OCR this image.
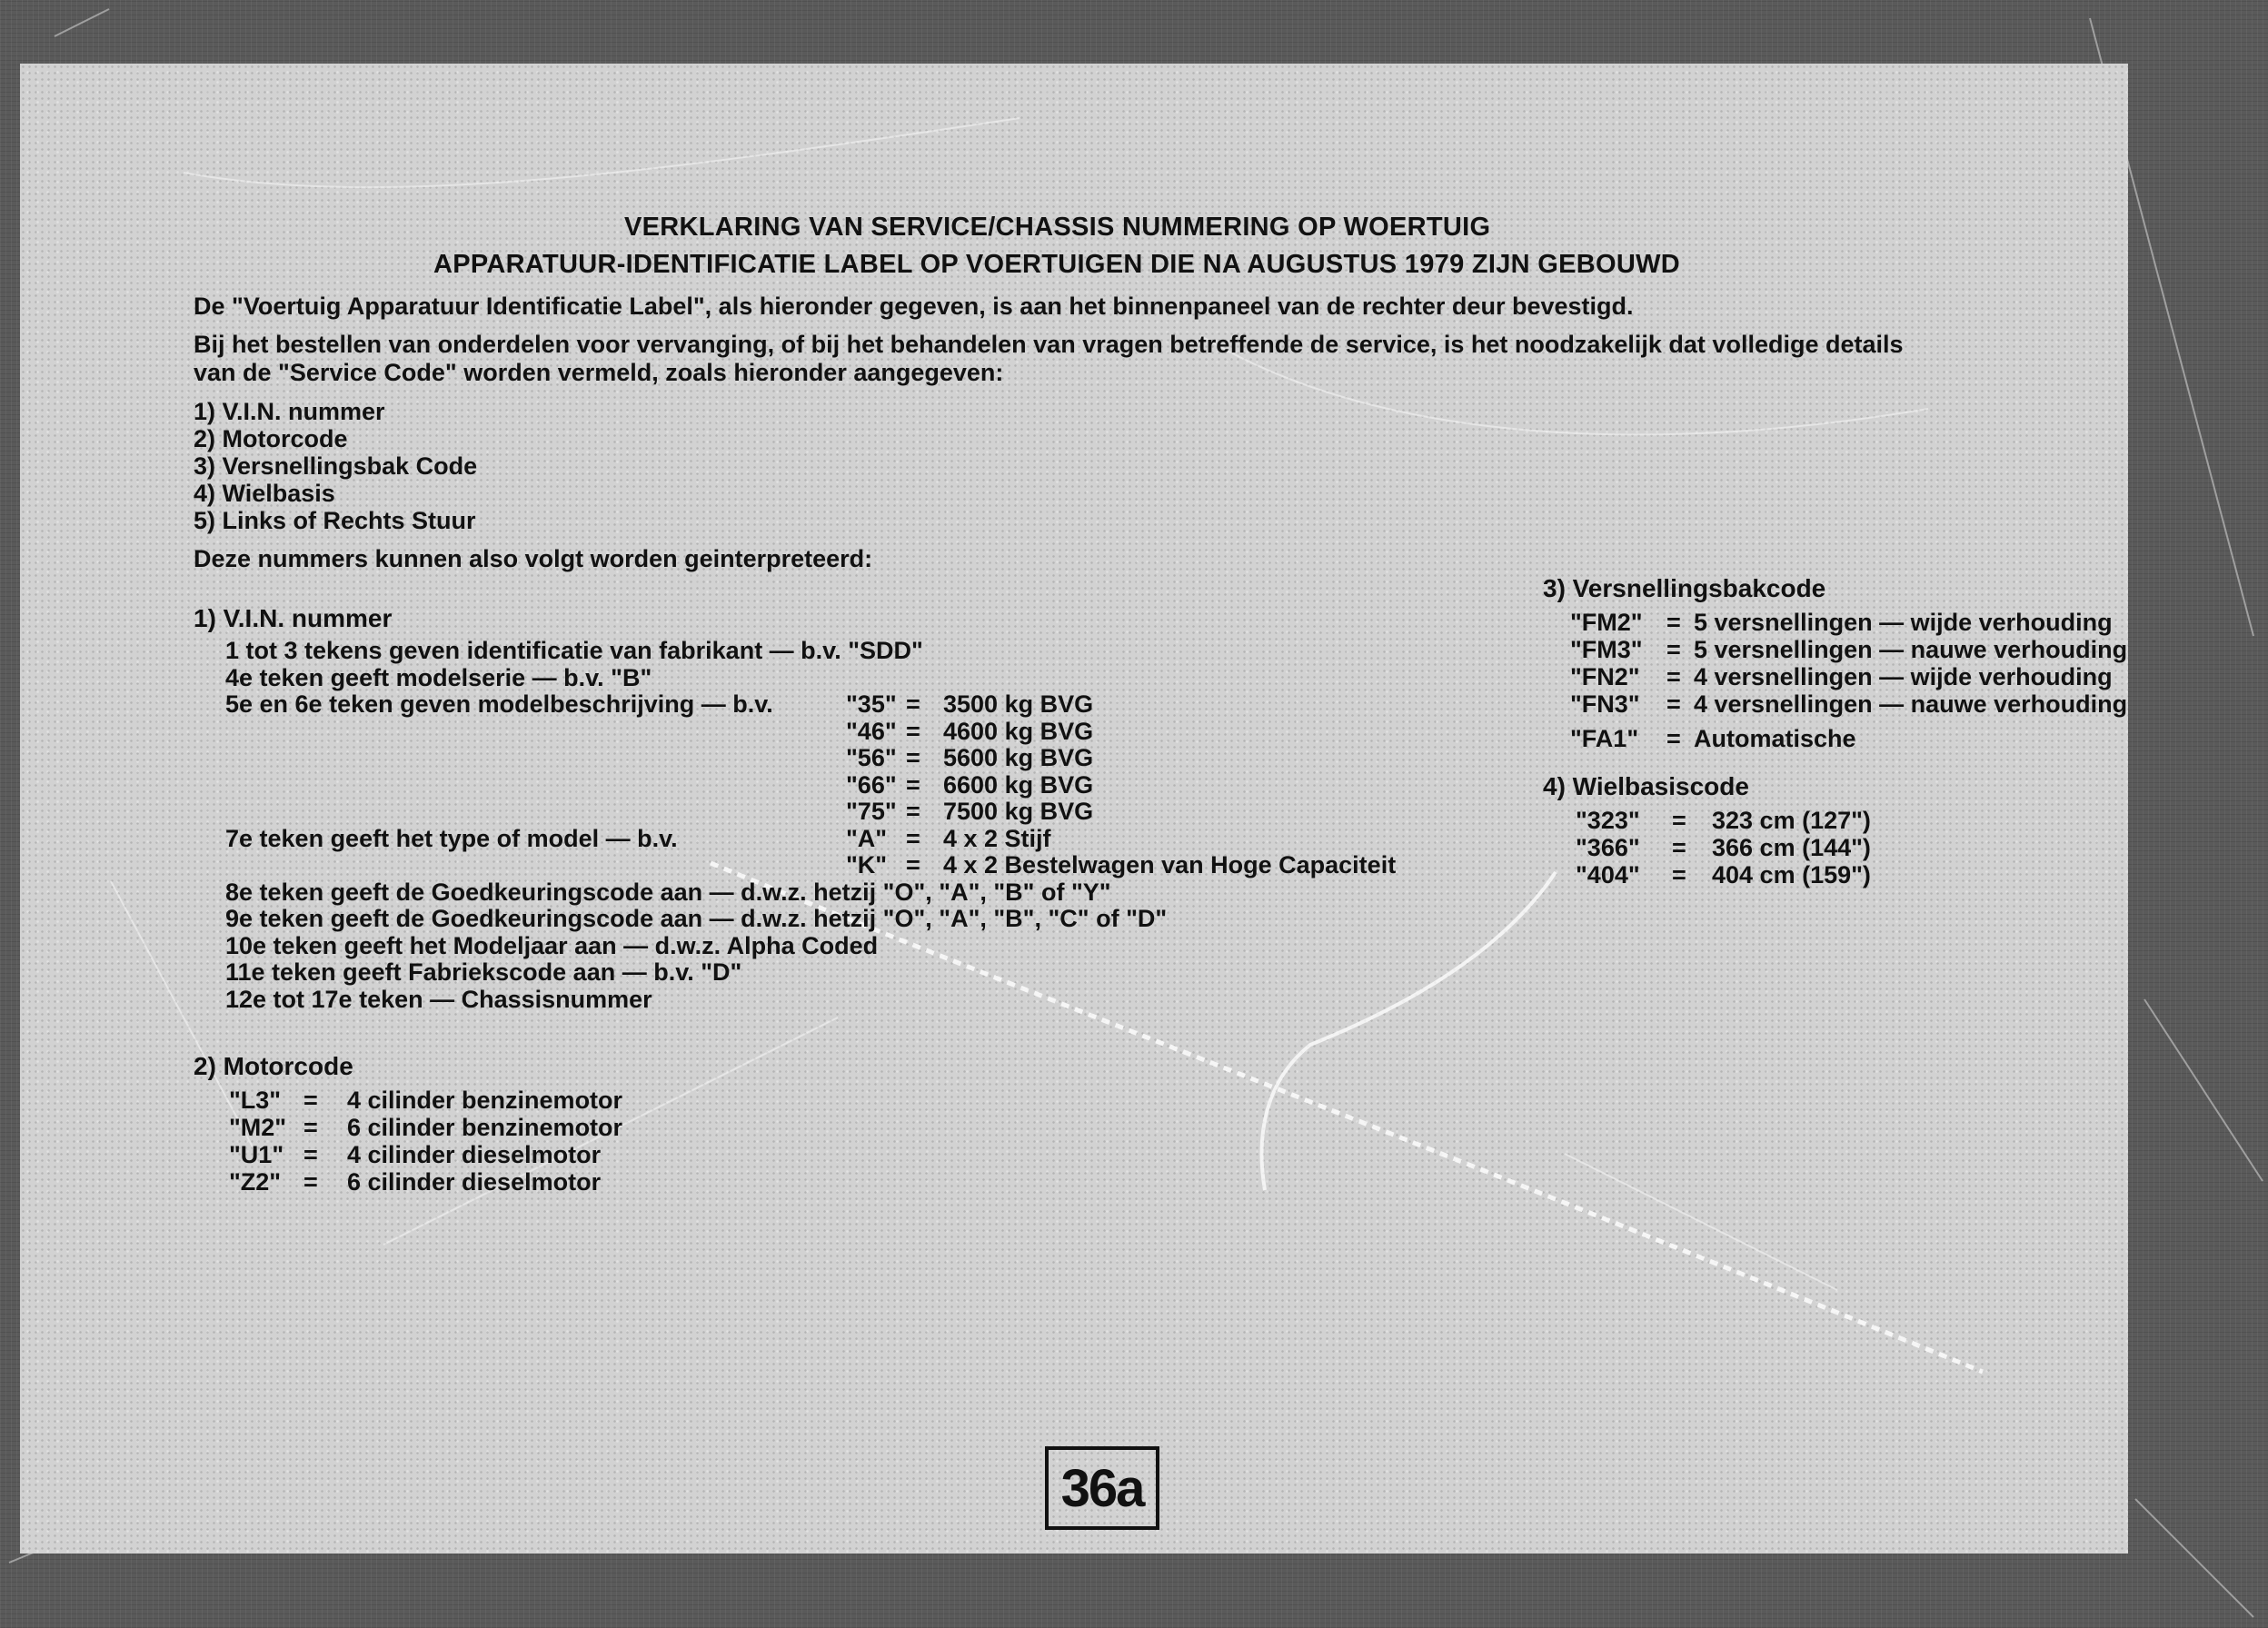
VERKLARING VAN SERVICE/CHASSIS NUMMERING OP WOERTUIG
APPARATUUR-IDENTIFICATIE LABEL OP VOERTUIGEN DIE NA AUGUSTUS 1979 ZIJN GEBOUWD

De "Voertuig Apparatuur Identificatie Label", als hieronder gegeven, is aan het binnenpaneel van de rechter deur bevestigd.

Bij het bestellen van onderdelen voor vervanging, of bij het behandelen van vragen betreffende de service, is het noodzakelijk dat volledige details

van de "Service Code" worden vermeld, zoals hieronder aangegeven:

1) V.I.N. nummer
2) Motorcode
3) Versnellingsbak Code
4) Wielbasis
5) Links of Rechts Stuur

Deze nummers kunnen also volgt worden geinterpreteerd:

1) V.I.N. nummer
1 tot 3 tekens geven identificatie van fabrikant — b.v. "SDD"
4e teken geeft modelserie — b.v. "B"
5e en 6e teken geven modelbeschrijving — b.v.	"35" = 3500 kg BVG
"46" = 4600 kg BVG
"56" = 5600 kg BVG
"66" = 6600 kg BVG
"75" = 7500 kg BVG
7e teken geeft het type of model — b.v.	"A" = 4 x 2 Stijf
"K" = 4 x 2 Bestelwagen van Hoge Capaciteit
8e teken geeft de Goedkeuringscode aan — d.w.z. hetzij "O", "A", "B" of "Y"
9e teken geeft de Goedkeuringscode aan — d.w.z. hetzij "O", "A", "B", "C" of "D"
10e teken geeft het Modeljaar aan — d.w.z. Alpha Coded
11e teken geeft Fabriekscode aan — b.v. "D"
12e tot 17e teken — Chassisnummer
2) Motorcode
"L3" = 4 cilinder benzinemotor
"M2" = 6 cilinder benzinemotor
"U1" = 4 cilinder dieselmotor
"Z2" = 6 cilinder dieselmotor
3) Versnellingsbakcode
"FM2" = 5 versnellingen — wijde verhouding
"FM3" = 5 versnellingen — nauwe verhouding
"FN2" = 4 versnellingen — wijde verhouding
"FN3" = 4 versnellingen — nauwe verhouding
"FA1" = Automatische
4) Wielbasiscode
"323" = 323 cm (127")
"366" = 366 cm (144")
"404" = 404 cm (159")
36a
